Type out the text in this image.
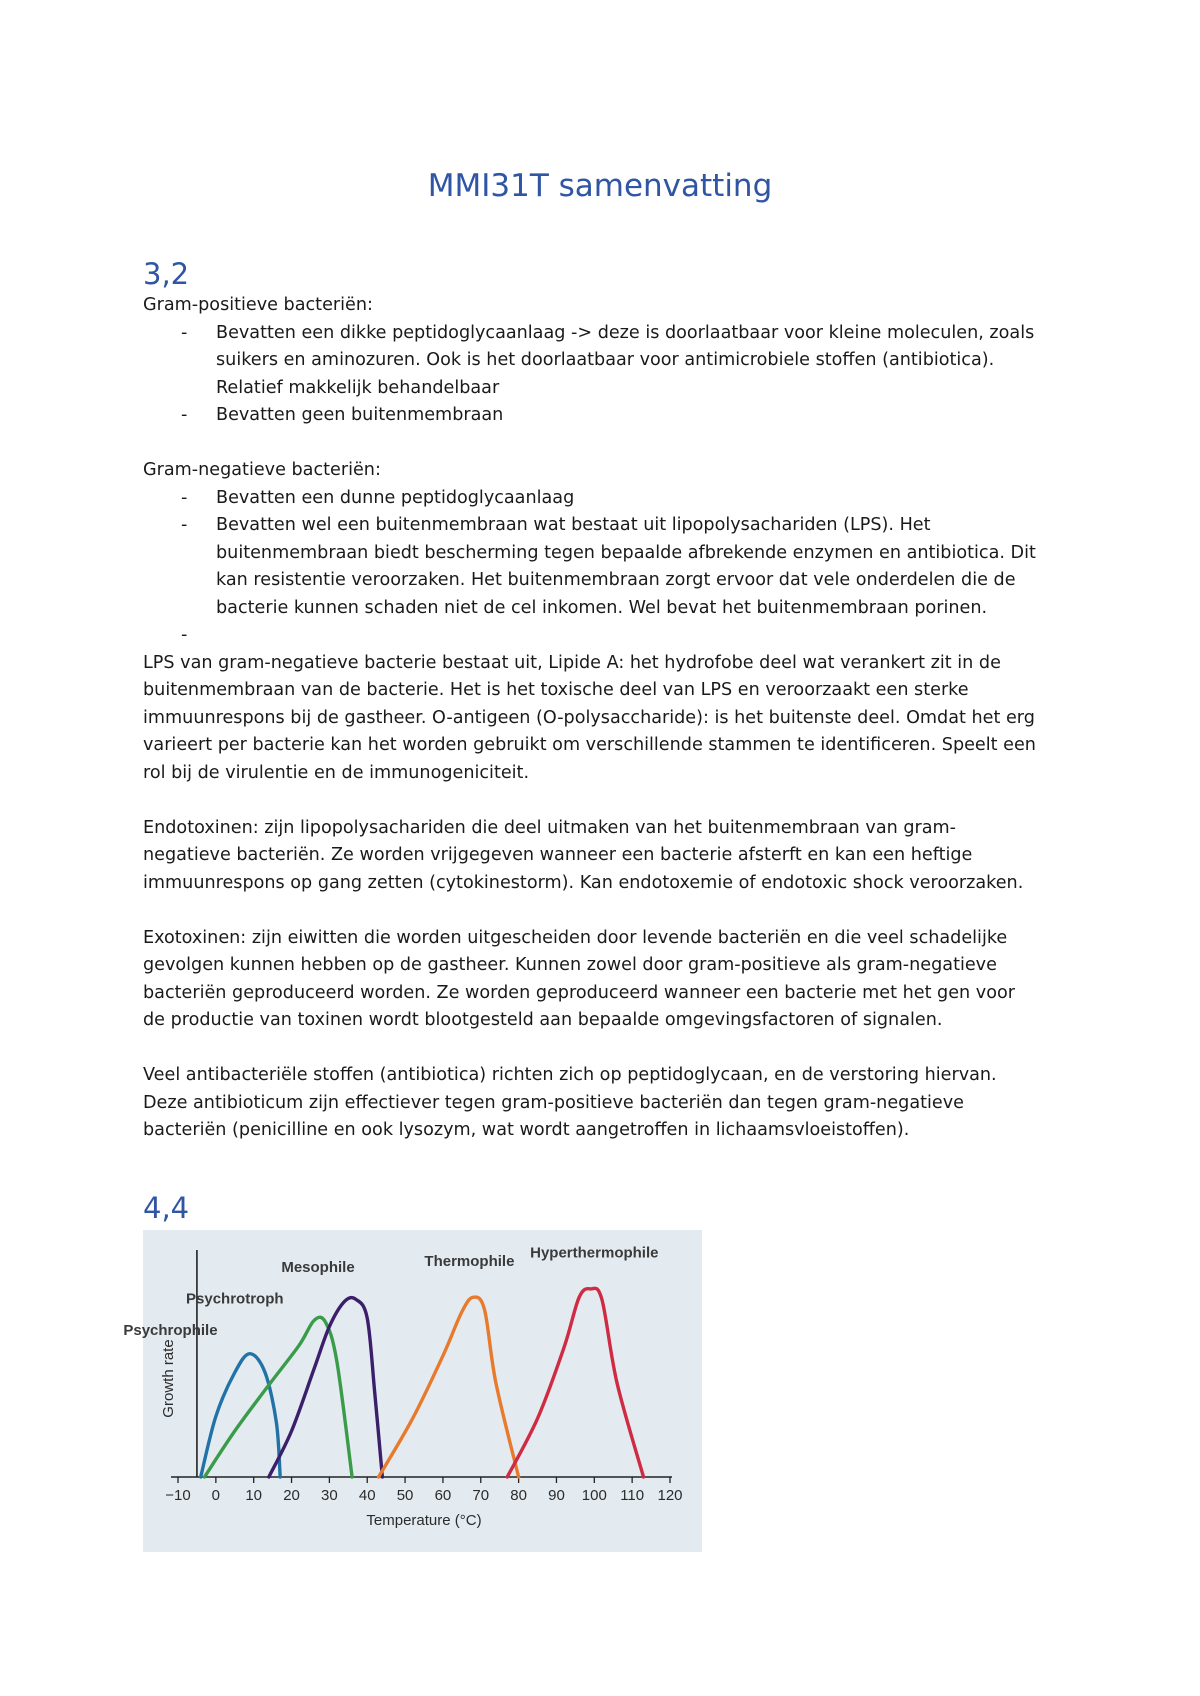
MMI31T samenvatting
3,2
Gram-positieve bacteriën:
- Bevatten een dikke peptidoglycaanlaag -> deze is doorlaatbaar voor kleine moleculen, zoals
suikers en aminozuren. Ook is het doorlaatbaar voor antimicrobiele stoffen (antibiotica).
Relatief makkelijk behandelbaar
- Bevatten geen buitenmembraan
Gram-negatieve bacteriën:
- Bevatten een dunne peptidoglycaanlaag
- Bevatten wel een buitenmembraan wat bestaat uit lipopolysachariden (LPS). Het
buitenmembraan biedt bescherming tegen bepaalde afbrekende enzymen en antibiotica. Dit
kan resistentie veroorzaken. Het buitenmembraan zorgt ervoor dat vele onderdelen die de
bacterie kunnen schaden niet de cel inkomen. Wel bevat het buitenmembraan porinen.
-

LPS van gram-negatieve bacterie bestaat uit, Lipide A: het hydrofobe deel wat verankert zit in de
buitenmembraan van de bacterie. Het is het toxische deel van LPS en veroorzaakt een sterke
immuunrespons bij de gastheer. O-antigeen (O-polysaccharide): is het buitenste deel. Omdat het erg
varieert per bacterie kan het worden gebruikt om verschillende stammen te identificeren. Speelt een
rol bij de virulentie en de immunogeniciteit.
Endotoxinen: zijn lipopolysachariden die deel uitmaken van het buitenmembraan van gram-
negatieve bacteriën. Ze worden vrijgegeven wanneer een bacterie afsterft en kan een heftige
immuunrespons op gang zetten (cytokinestorm). Kan endotoxemie of endotoxic shock veroorzaken.
Exotoxinen: zijn eiwitten die worden uitgescheiden door levende bacteriën en die veel schadelijke
gevolgen kunnen hebben op de gastheer. Kunnen zowel door gram-positieve als gram-negatieve
bacteriën geproduceerd worden. Ze worden geproduceerd wanneer een bacterie met het gen voor
de productie van toxinen wordt blootgesteld aan bepaalde omgevingsfactoren of signalen.
Veel antibacteriële stoffen (antibiotica) richten zich op peptidoglycaan, en de verstoring hiervan.
Deze antibioticum zijn effectiever tegen gram-positieve bacteriën dan tegen gram-negatieve
bacteriën (penicilline en ook lysozym, wat wordt aangetroffen in lichaamsvloeistoffen).
4,4
−10 0 10 20 30 40 50 60 70 80 90 100 110 120
Temperature (°C)
Growth rate
Psychrophile
Psychrotroph
Mesophile	Thermophile Hyperthermophile
